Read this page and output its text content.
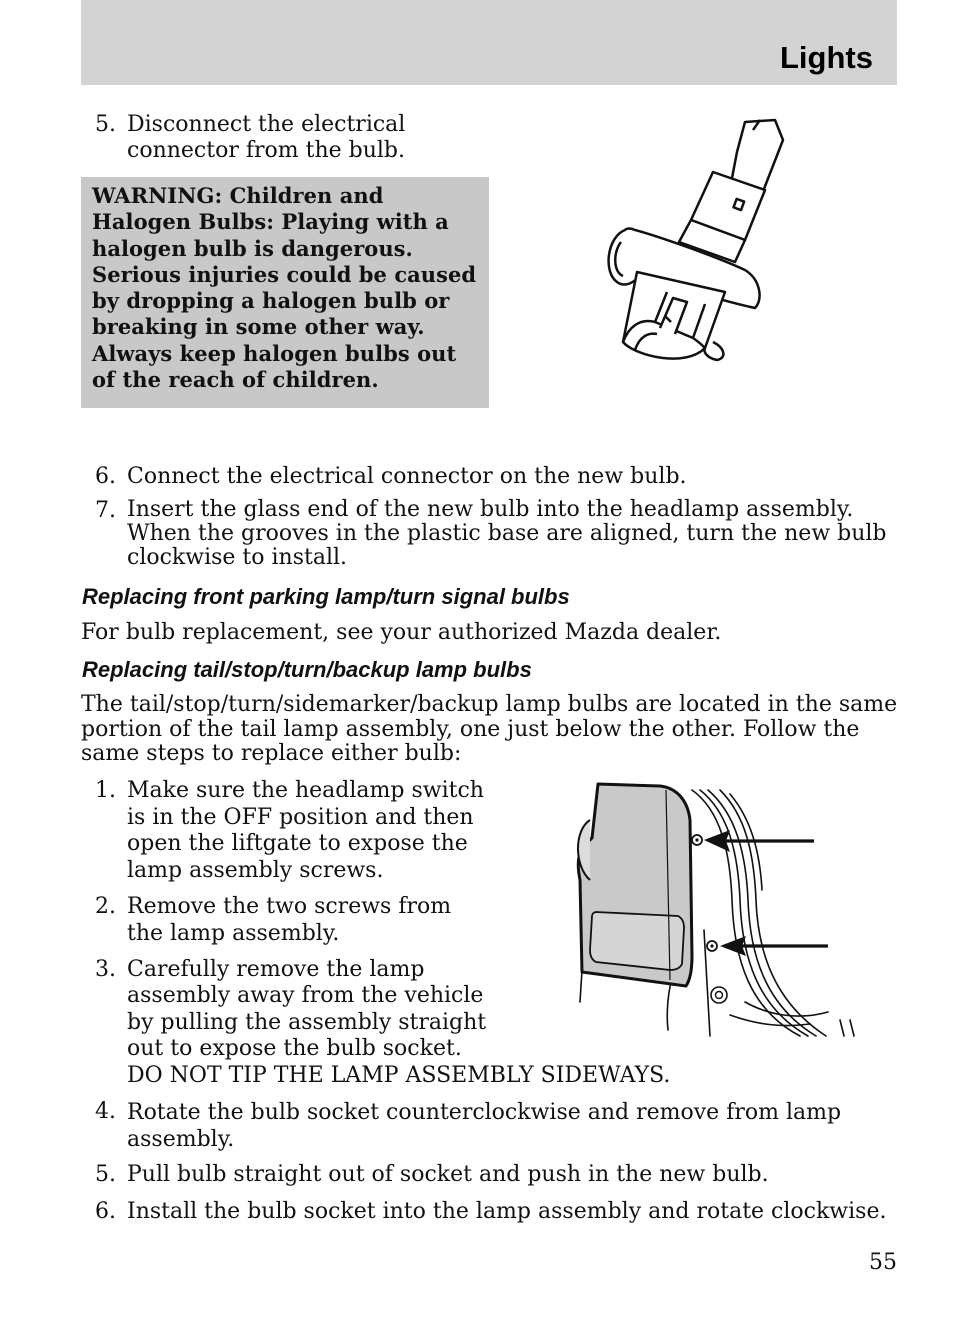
Lights
5. Disconnect the electrical
connector from the bulb.
WARNING: Children and Halogen Bulbs: Playing with a halogen bulb is dangerous. Serious injuries could be caused by dropping a halogen bulb or breaking in some other way. Always keep halogen bulbs out of the reach of children.
6. Connect the electrical connector on the new bulb.
7. Insert the glass end of the new bulb into the headlamp assembly.
When the grooves in the plastic base are aligned, turn the new bulb
clockwise to install.
Replacing front parking lamp/turn signal bulbs
For bulb replacement, see your authorized Mazda dealer.
Replacing tail/stop/turn/backup lamp bulbs
The tail/stop/turn/sidemarker/backup lamp bulbs are located in the same
portion of the tail lamp assembly, one just below the other. Follow the
same steps to replace either bulb:
1. Make sure the headlamp switch
is in the OFF position and then
open the liftgate to expose the
lamp assembly screws.
2. Remove the two screws from
the lamp assembly.
3. Carefully remove the lamp
assembly away from the vehicle
by pulling the assembly straight
out to expose the bulb socket.
DO NOT TIP THE LAMP ASSEMBLY SIDEWAYS.
4. Rotate the bulb socket counterclockwise and remove from lamp
assembly.
5. Pull bulb straight out of socket and push in the new bulb.
6. Install the bulb socket into the lamp assembly and rotate clockwise.
55
